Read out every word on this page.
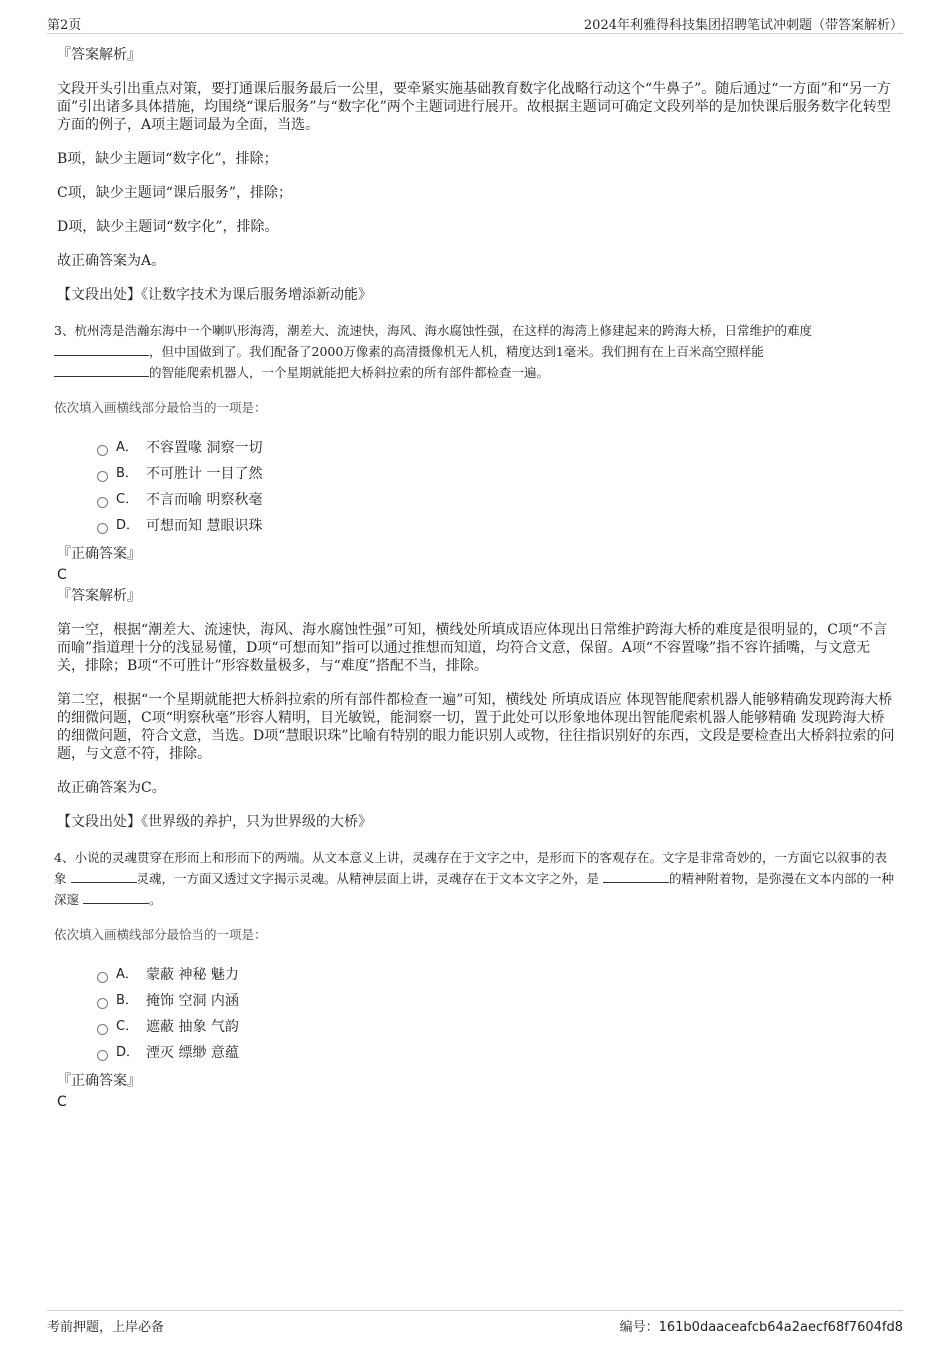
第2页	2024年利雅得科技集团招聘笔试冲刺题（带答案解析）
『答案解析』
文段开头引出重点对策，要打通课后服务最后一公里，要牵紧实施基础教育数字化战略行动这个“牛鼻子”。随后通过“一方面”和“另一方面”引出诸多具体措施，均围绕“课后服务”与“数字化”两个主题词进行展开。故根据主题词可确定文段列举的是加快课后服务数字化转型方面的例子，A项主题词最为全面，当选。
B项，缺少主题词“数字化”，排除；
C项，缺少主题词“课后服务”，排除；
D项，缺少主题词“数字化”，排除。
故正确答案为A。
【文段出处】《让数字技术为课后服务增添新动能》
3、杭州湾是浩瀚东海中一个喇叭形海湾，潮差大、流速快，海风、海水腐蚀性强，在这样的海湾上修建起来的跨海大桥，日常维护的难度
，但中国做到了。我们配备了2000万像素的高清摄像机无人机，精度达到1毫米。我们拥有在上百米高空照样能
的智能爬索机器人，一个星期就能把大桥斜拉索的所有部件都检查一遍。
依次填入画横线部分最恰当的一项是：
A． 不容置喙 洞察一切
B． 不可胜计 一目了然
C． 不言而喻 明察秋毫
D． 可想而知 慧眼识珠
『正确答案』
C
『答案解析』
第一空，根据“潮差大、流速快，海风、海水腐蚀性强”可知，横线处所填成语应体现出日常维护跨海大桥的难度是很明显的，C项“不言而喻”指道理十分的浅显易懂，D项“可想而知”指可以通过推想而知道，均符合文意，保留。A项“不容置喙”指不容许插嘴，与文意无关，排除；B项“不可胜计”形容数量极多，与“难度”搭配不当，排除。
第二空，根据“一个星期就能把大桥斜拉索的所有部件都检查一遍”可知，横线处 所填成语应 体现智能爬索机器人能够精确发现跨海大桥的细微问题，C项“明察秋毫”形容人精明，目光敏锐，能洞察一切，置于此处可以形象地体现出智能爬索机器人能够精确 发现跨海大桥的细微问题，符合文意，当选。D项“慧眼识珠”比喻有特别的眼力能识别人或物，往往指识别好的东西，文段是要检查出大桥斜拉索的问题，与文意不符，排除。
故正确答案为C。
【文段出处】《世界级的养护，只为世界级的大桥》
4、小说的灵魂贯穿在形而上和形而下的两端。从文本意义上讲，灵魂存在于文字之中，是形而下的客观存在。文字是非常奇妙的，一方面它以叙事的表象	灵魂，一方面又透过文字揭示灵魂。从精神层面上讲，灵魂存在于文本文字之外，是	的精神附着物，是弥漫在文本内部的一种深邃	。
依次填入画横线部分最恰当的一项是：
A． 蒙蔽 神秘 魅力
B． 掩饰 空洞 内涵
C． 遮蔽 抽象 气韵
D． 湮灭 缥缈 意蕴
『正确答案』
C
考前押题，上岸必备	编号：161b0daaceafcb64a2aecf68f7604fd8
